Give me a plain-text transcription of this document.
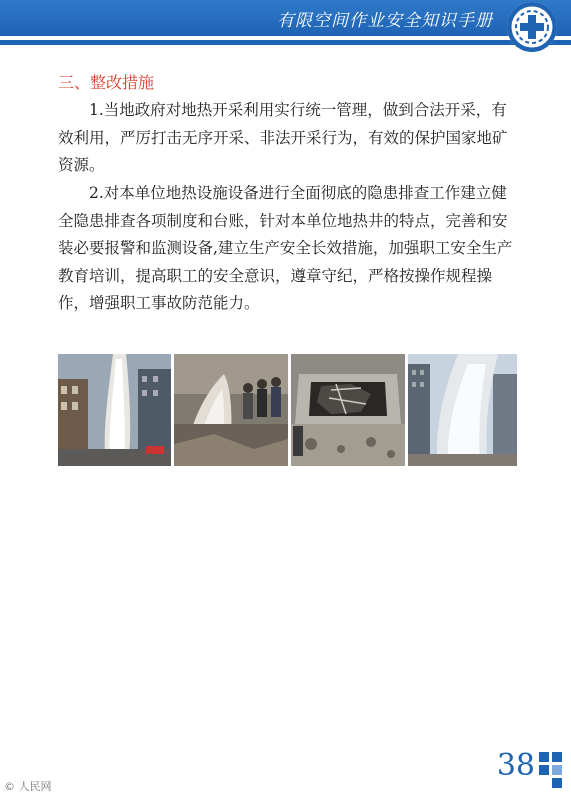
有限空间作业安全知识手册
三、整改措施

1.当地政府对地热开采利用实行统一管理，做到合法开采，有效利用，严厉打击无序开采、非法开采行为，有效的保护国家地矿资源。

2.对本单位地热设施设备进行全面彻底的隐患排查工作建立健全隐患排查各项制度和台账，针对本单位地热井的特点，完善和安装必要报警和监测设备,建立生产安全长效措施，加强职工安全生产教育培训，提高职工的安全意识，遵章守纪，严格按操作规程操作，增强职工事故防范能力。

38
© 人民网
